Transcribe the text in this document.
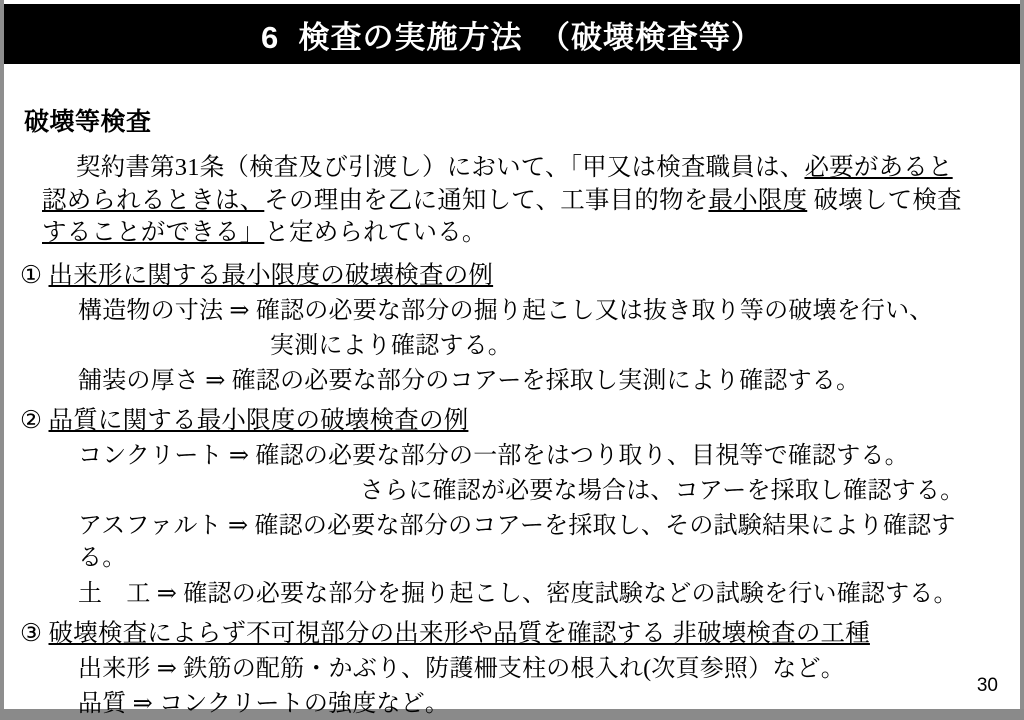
6  検査の実施方法　（破壊検査等）
破壊等検査
契約書第31条（検査及び引渡し）において、「甲又は検査職員は、必要があると
認められるときは、その理由を乙に通知して、工事目的物を最小限度 破壊して検査
することができる」と定められている。
① 出来形に関する最小限度の破壊検査の例
構造物の寸法 ⇒ 確認の必要な部分の掘り起こし又は抜き取り等の破壊を行い、
実測により確認する。
舗装の厚さ ⇒ 確認の必要な部分のコアーを採取し実測により確認する。
② 品質に関する最小限度の破壊検査の例
コンクリート ⇒ 確認の必要な部分の一部をはつり取り、目視等で確認する。
さらに確認が必要な場合は、コアーを採取し確認する。
アスファルト ⇒ 確認の必要な部分のコアーを採取し、その試験結果により確認する。
土　工 ⇒ 確認の必要な部分を掘り起こし、密度試験などの試験を行い確認する。
③ 破壊検査によらず不可視部分の出来形や品質を確認する 非破壊検査の工種
出来形 ⇒ 鉄筋の配筋・かぶり、防護柵支柱の根入れ(次頁参照）など。
品質 ⇒ コンクリートの強度など。
30
